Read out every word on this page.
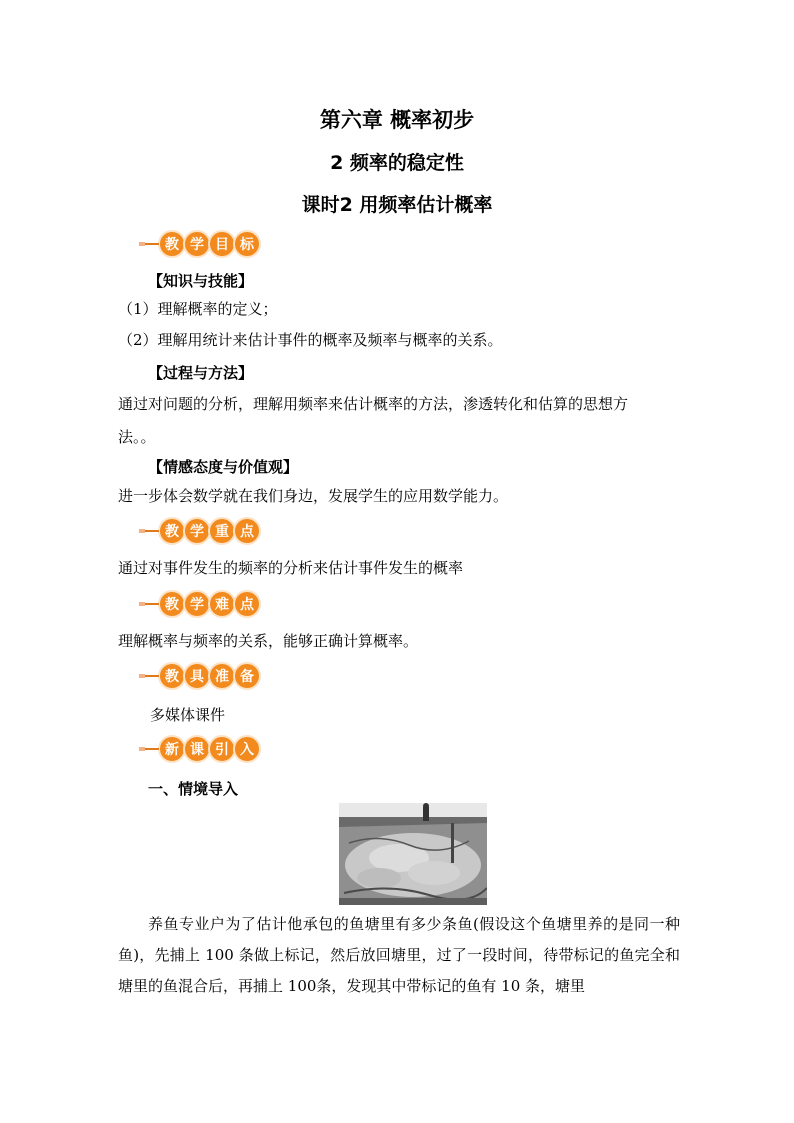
第六章 概率初步
2 频率的稳定性
课时2 用频率估计概率
教 学 目 标
【知识与技能】
（1）理解概率的定义；
（2）理解用统计来估计事件的概率及频率与概率的关系。
【过程与方法】
通过对问题的分析，理解用频率来估计概率的方法，渗透转化和估算的思想方
法。。
【情感态度与价值观】
进一步体会数学就在我们身边，发展学生的应用数学能力。
教 学 重 点
通过对事件发生的频率的分析来估计事件发生的概率
教 学 难 点
理解概率与频率的关系，能够正确计算概率。
教 具 准 备
多媒体课件
新 课 引 入
一、情境导入
养鱼专业户为了估计他承包的鱼塘里有多少条鱼(假设这个鱼塘里养的是同一种鱼)，先捕上 100 条做上标记，然后放回塘里，过了一段时间，待带标记的鱼完全和塘里的鱼混合后，再捕上 100条，发现其中带标记的鱼有 10 条，塘里
